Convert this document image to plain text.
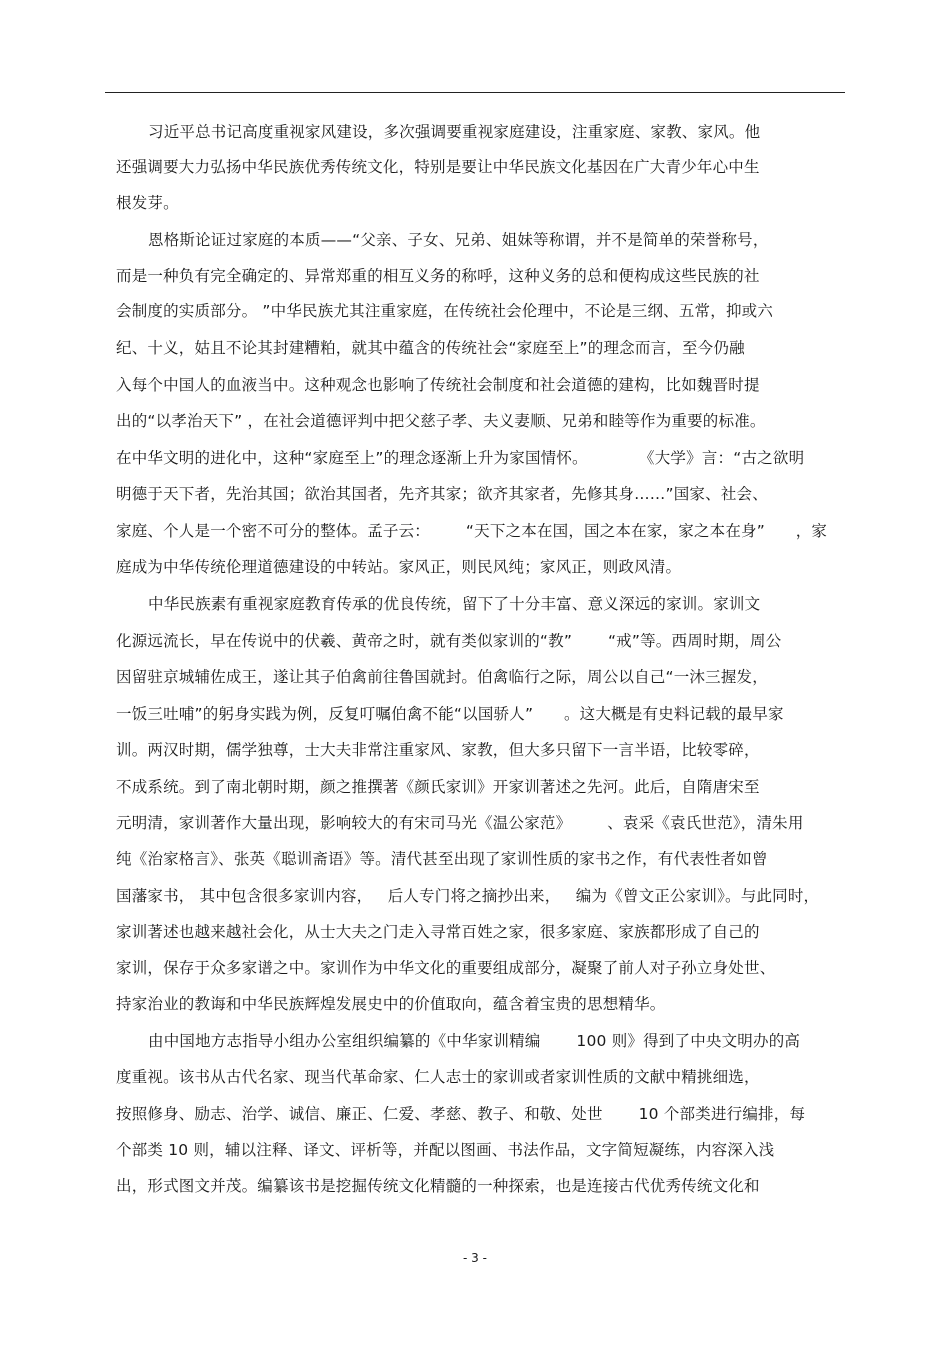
习近平总书记高度重视家风建设，多次强调要重视家庭建设，注重家庭、家教、家风。他
还强调要大力弘扬中华民族优秀传统文化，特别是要让中华民族文化基因在广大青少年心中生
根发芽。
恩格斯论证过家庭的本质——“父亲、子女、兄弟、姐妹等称谓，并不是简单的荣誉称号，
而是一种负有完全确定的、异常郑重的相互义务的称呼，这种义务的总和便构成这些民族的社
会制度的实质部分。 ”中华民族尤其注重家庭，在传统社会伦理中，不论是三纲、五常，抑或六
纪、十义，姑且不论其封建糟粕，就其中蕴含的传统社会“家庭至上”的理念而言，至今仍融
入每个中国人的血液当中。这种观念也影响了传统社会制度和社会道德的建构，比如魏晋时提
出的“以孝治天下” ，在社会道德评判中把父慈子孝、夫义妻顺、兄弟和睦等作为重要的标准。
在中华文明的进化中，这种“家庭至上”的理念逐渐上升为家国情怀。          《大学》言：“古之欲明
明德于天下者，先治其国；欲治其国者，先齐其家；欲齐其家者，先修其身……”国家、社会、
家庭、个人是一个密不可分的整体。孟子云：       “天下之本在国，国之本在家，家之本在身”      ，家
庭成为中华传统伦理道德建设的中转站。家风正，则民风纯；家风正，则政风清。
中华民族素有重视家庭教育传承的优良传统，留下了十分丰富、意义深远的家训。家训文
化源远流长，早在传说中的伏羲、黄帝之时，就有类似家训的“教”       “戒”等。西周时期，周公
因留驻京城辅佐成王，遂让其子伯禽前往鲁国就封。伯禽临行之际，周公以自己“一沐三握发，
一饭三吐哺”的躬身实践为例，反复叮嘱伯禽不能“以国骄人”      。这大概是有史料记载的最早家
训。两汉时期，儒学独尊，士大夫非常注重家风、家教，但大多只留下一言半语，比较零碎，
不成系统。到了南北朝时期，颜之推撰著《颜氏家训》开家训著述之先河。此后，自隋唐宋至
元明清，家训著作大量出现，影响较大的有宋司马光《温公家范》       、袁采《袁氏世范》，清朱用
纯《治家格言》、张英《聪训斋语》等。清代甚至出现了家训性质的家书之作，有代表性者如曾
国藩家书， 其中包含很多家训内容，   后人专门将之摘抄出来，   编为《曾文正公家训》。与此同时，
家训著述也越来越社会化，从士大夫之门走入寻常百姓之家，很多家庭、家族都形成了自己的
家训，保存于众多家谱之中。家训作为中华文化的重要组成部分，凝聚了前人对子孙立身处世、
持家治业的教诲和中华民族辉煌发展史中的价值取向，蕴含着宝贵的思想精华。
由中国地方志指导小组办公室组织编纂的《中华家训精编       100 则》得到了中央文明办的高
度重视。该书从古代名家、现当代革命家、仁人志士的家训或者家训性质的文献中精挑细选，
按照修身、励志、治学、诚信、廉正、仁爱、孝慈、教子、和敬、处世       10 个部类进行编排，每
个部类 10 则，辅以注释、译文、评析等，并配以图画、书法作品，文字简短凝练，内容深入浅
出，形式图文并茂。编纂该书是挖掘传统文化精髓的一种探索，也是连接古代优秀传统文化和
- 3 -
